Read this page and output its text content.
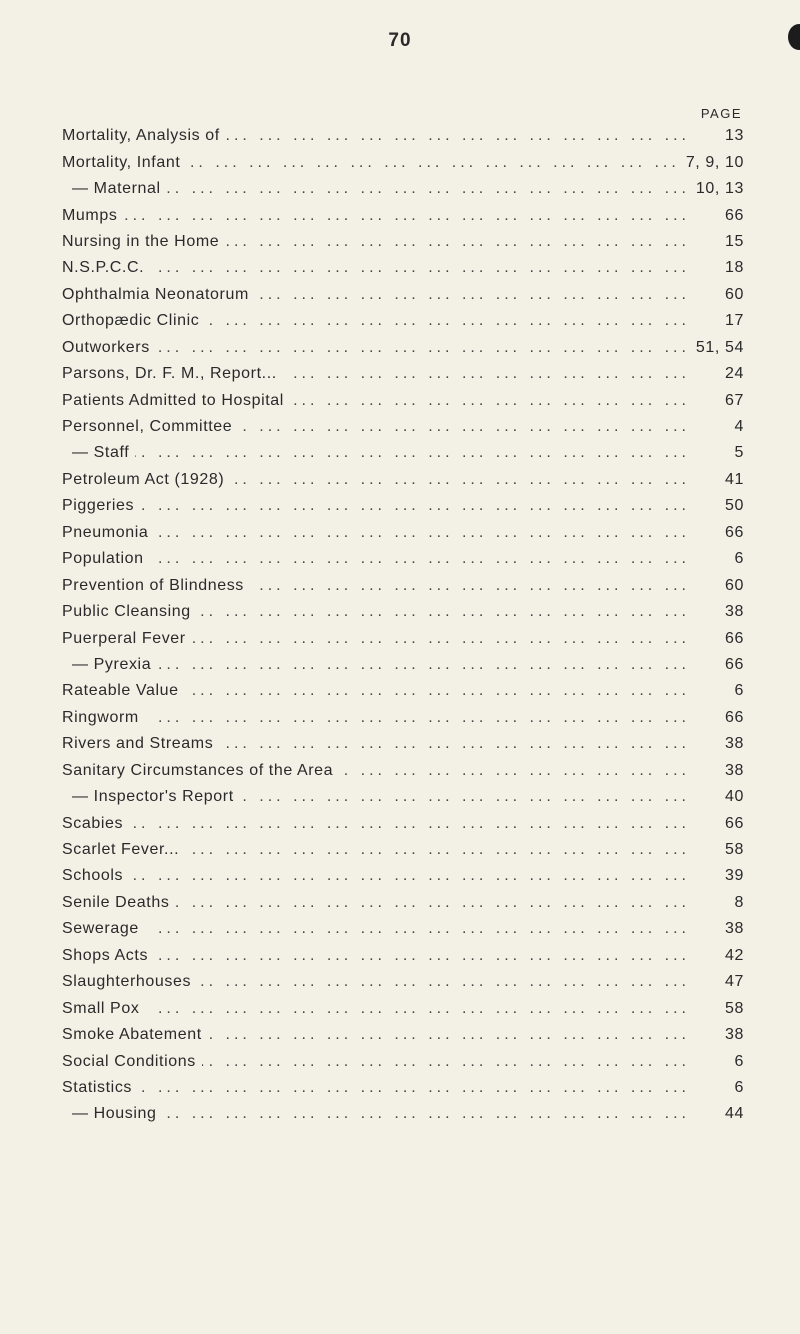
70
PAGE
Mortality, Analysis of ... .	13
Mortality, Infant ... .	7, 9, 10
— Maternal ... .	10, 13
Mumps ... .	66
Nursing in the Home ... .	15
N.S.P.C.C. ... .	18
Ophthalmia Neonatorum ... .	60
Orthopædic Clinic ... .	17
Outworkers ... .	51, 54
Parsons, Dr. F. M., Report... ... .	24
Patients Admitted to Hospital ... .	67
Personnel, Committee ... .	4
— Staff ... .	5
Petroleum Act (1928) ... .	41
Piggeries ... .	50
Pneumonia ... .	66
Population ... .	6
Prevention of Blindness ... .	60
Public Cleansing ... .	38
Puerperal Fever ... .	66
— Pyrexia ... .	66
Rateable Value ... .	6
Ringworm ... .	66
Rivers and Streams ... .	38
Sanitary Circumstances of the Area ... .	38
— Inspector's Report ... .	40
Scabies ... .	66
Scarlet Fever... ... .	58
Schools ... .	39
Senile Deaths ... .	8
Sewerage ... .	38
Shops Acts ... .	42
Slaughterhouses ... .	47
Small Pox ... .	58
Smoke Abatement ... .	38
Social Conditions ... .	6
Statistics ... .	6
— Housing ... .	44
